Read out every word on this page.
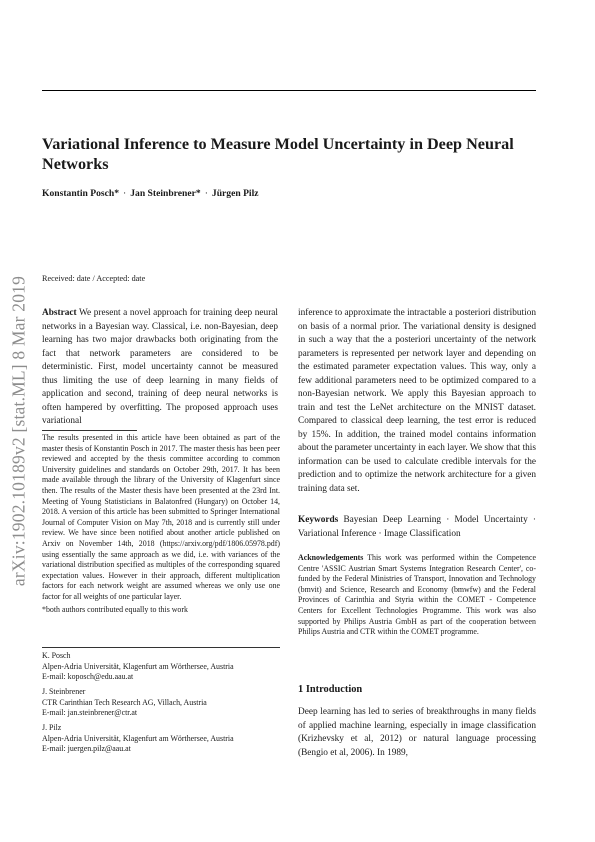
arXiv:1902.10189v2 [stat.ML] 8 Mar 2019
Variational Inference to Measure Model Uncertainty in Deep Neural Networks
Konstantin Posch* · Jan Steinbrener* · Jürgen Pilz
Received: date / Accepted: date

Abstract We present a novel approach for training deep neural networks in a Bayesian way. Classical, i.e. non-Bayesian, deep learning has two major drawbacks both originating from the fact that network parameters are considered to be deterministic. First, model uncertainty cannot be measured thus limiting the use of deep learning in many fields of application and second, training of deep neural networks is often hampered by overfitting. The proposed approach uses variational

The results presented in this article have been obtained as part of the master thesis of Konstantin Posch in 2017. The master thesis has been peer reviewed and accepted by the thesis committee according to common University guidelines and standards on October 29th, 2017. It has been made available through the library of the University of Klagenfurt since then. The results of the Master thesis have been presented at the 23rd Int. Meeting of Young Statisticians in Balatonfred (Hungary) on October 14, 2018. A version of this article has been submitted to Springer International Journal of Computer Vision on May 7th, 2018 and is currently still under review. We have since been notified about another article published on Arxiv on November 14th, 2018 (https://arxiv.org/pdf/1806.05978.pdf) using essentially the same approach as we did, i.e. with variances of the variational distribution specified as multiples of the corresponding squared expectation values. However in their approach, different multiplication factors for each network weight are assumed whereas we only use one factor for all weights of one particular layer.

*both authors contributed equally to this work

K. Posch
Alpen-Adria Universität, Klagenfurt am Wörthersee, Austria
E-mail: koposch@edu.aau.at
J. Steinbrener
CTR Carinthian Tech Research AG, Villach, Austria
E-mail: jan.steinbrener@ctr.at
J. Pilz
Alpen-Adria Universität, Klagenfurt am Wörthersee, Austria
E-mail: juergen.pilz@aau.at

inference to approximate the intractable a posteriori distribution on basis of a normal prior. The variational density is designed in such a way that the a posteriori uncertainty of the network parameters is represented per network layer and depending on the estimated parameter expectation values. This way, only a few additional parameters need to be optimized compared to a non-Bayesian network. We apply this Bayesian approach to train and test the LeNet architecture on the MNIST dataset. Compared to classical deep learning, the test error is reduced by 15%. In addition, the trained model contains information about the parameter uncertainty in each layer. We show that this information can be used to calculate credible intervals for the prediction and to optimize the network architecture for a given training data set.

Keywords Bayesian Deep Learning · Model Uncertainty · Variational Inference · Image Classification

Acknowledgements This work was performed within the Competence Centre 'ASSIC Austrian Smart Systems Integration Research Center', co-funded by the Federal Ministries of Transport, Innovation and Technology (bmvit) and Science, Research and Economy (bmwfw) and the Federal Provinces of Carinthia and Styria within the COMET - Competence Centers for Excellent Technologies Programme. This work was also supported by Philips Austria GmbH as part of the cooperation between Philips Austria and CTR within the COMET programme.

1 Introduction

Deep learning has led to series of breakthroughs in many fields of applied machine learning, especially in image classification (Krizhevsky et al, 2012) or natural language processing (Bengio et al, 2006). In 1989,
